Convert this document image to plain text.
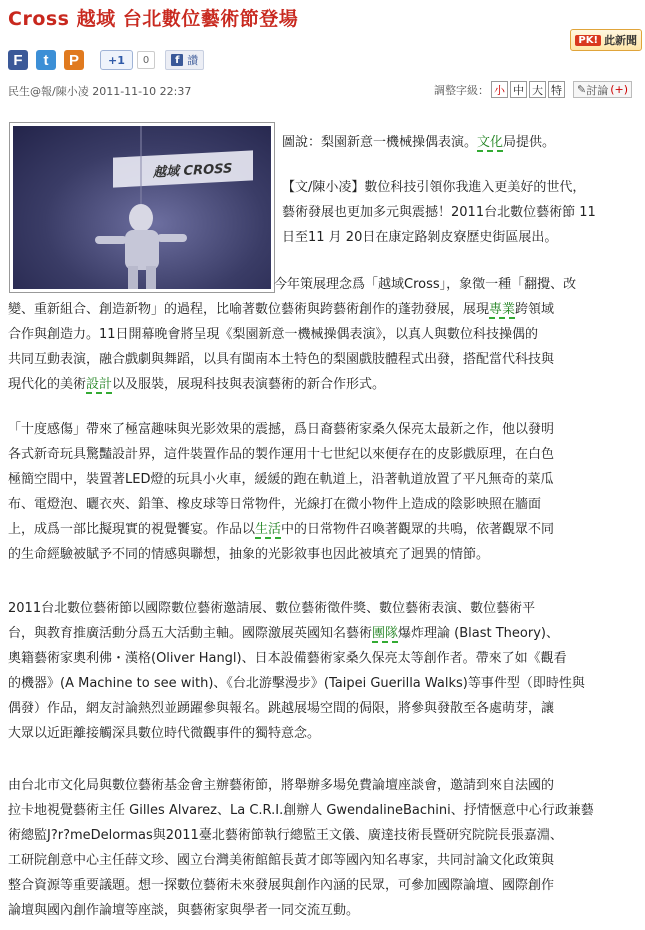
Cross 越域 台北數位藝術節登場
PK! 此新聞
F	t	P	+1	0	f 讚
民生@報/陳小凌 2011-11-10 22:37	調整字級： 小 中 大 特 ✎ 討論 (+)
越域 CROSS
圖說：梨園新意一機械操偶表演。文化局提供。
【文/陳小凌】數位科技引領你我進入更美好的世代，
藝術發展也更加多元與震撼！2011台北數位藝術節 11
日至11 月 20日在康定路剝皮寮歷史街區展出。
今年策展理念爲「越域Cross」，象徵一種「翻攪、改
變、重新組合、創造新物」的過程，比喻著數位藝術與跨藝術創作的蓬勃發展，展現專業跨領域
合作與創造力。11日開幕晚會將呈現《梨園新意一機械操偶表演》，以真人與數位科技操偶的
共同互動表演，融合戲劇與舞蹈，以具有閩南本土特色的梨園戲肢體程式出發，搭配當代科技與
現代化的美術設計以及服裝，展現科技與表演藝術的新合作形式。
「十度感傷」帶來了極富趣味與光影效果的震撼，爲日裔藝術家桑久保亮太最新之作，他以發明
各式新奇玩具驚豔設計界，這件裝置作品的製作運用十七世紀以來便存在的皮影戲原理，在白色
極簡空間中，裝置著LED燈的玩具小火車，緩緩的跑在軌道上，沿著軌道放置了平凡無奇的菜瓜
布、電燈泡、曬衣夾、鉛筆、橡皮球等日常物件，光線打在微小物件上造成的陰影映照在牆面
上，成爲一部比擬現實的視覺饗宴。作品以生活中的日常物件召喚著觀眾的共鳴，依著觀眾不同
的生命經驗被賦予不同的情感與聯想，抽象的光影敘事也因此被填充了迥異的情節。
2011台北數位藝術節以國際數位藝術邀請展、數位藝術徵件獎、數位藝術表演、數位藝術平
台，與教育推廣活動分爲五大活動主軸。國際激展英國知名藝術團隊爆炸理論 (Blast Theory)、
奧籍藝術家奧利佛・漢格(Oliver Hangl)、日本設備藝術家桑久保亮太等創作者。帶來了如《觀看
的機器》(A Machine to see with)、《台北游擊漫步》(Taipei Guerilla Walks)等事件型（即時性與
偶發）作品，網友討論熱烈並踴躍參與報名。跳越展場空間的侷限，將參與發散至各處萌芽，讓
大眾以近距離接觸深具數位時代微觀事件的獨特意念。
由台北市文化局與數位藝術基金會主辦藝術節，將舉辦多場免費論壇座談會，邀請到來自法國的
拉卡地視覺藝術主任 Gilles Alvarez、La C.R.I.創辦人 GwendalineBachini、抒情愜意中心行政兼藝
術總監J?r?meDelormas與2011臺北藝術節執行總監王文儀、廣達技術長暨研究院院長張嘉淵、
工研院創意中心主任薛文珍、國立台灣美術館館長黃才郎等國內知名專家，共同討論文化政策與
整合資源等重要議題。想一探數位藝術未來發展與創作內涵的民眾，可參加國際論壇、國際創作
論壇與國內創作論壇等座談，與藝術家與學者一同交流互動。
